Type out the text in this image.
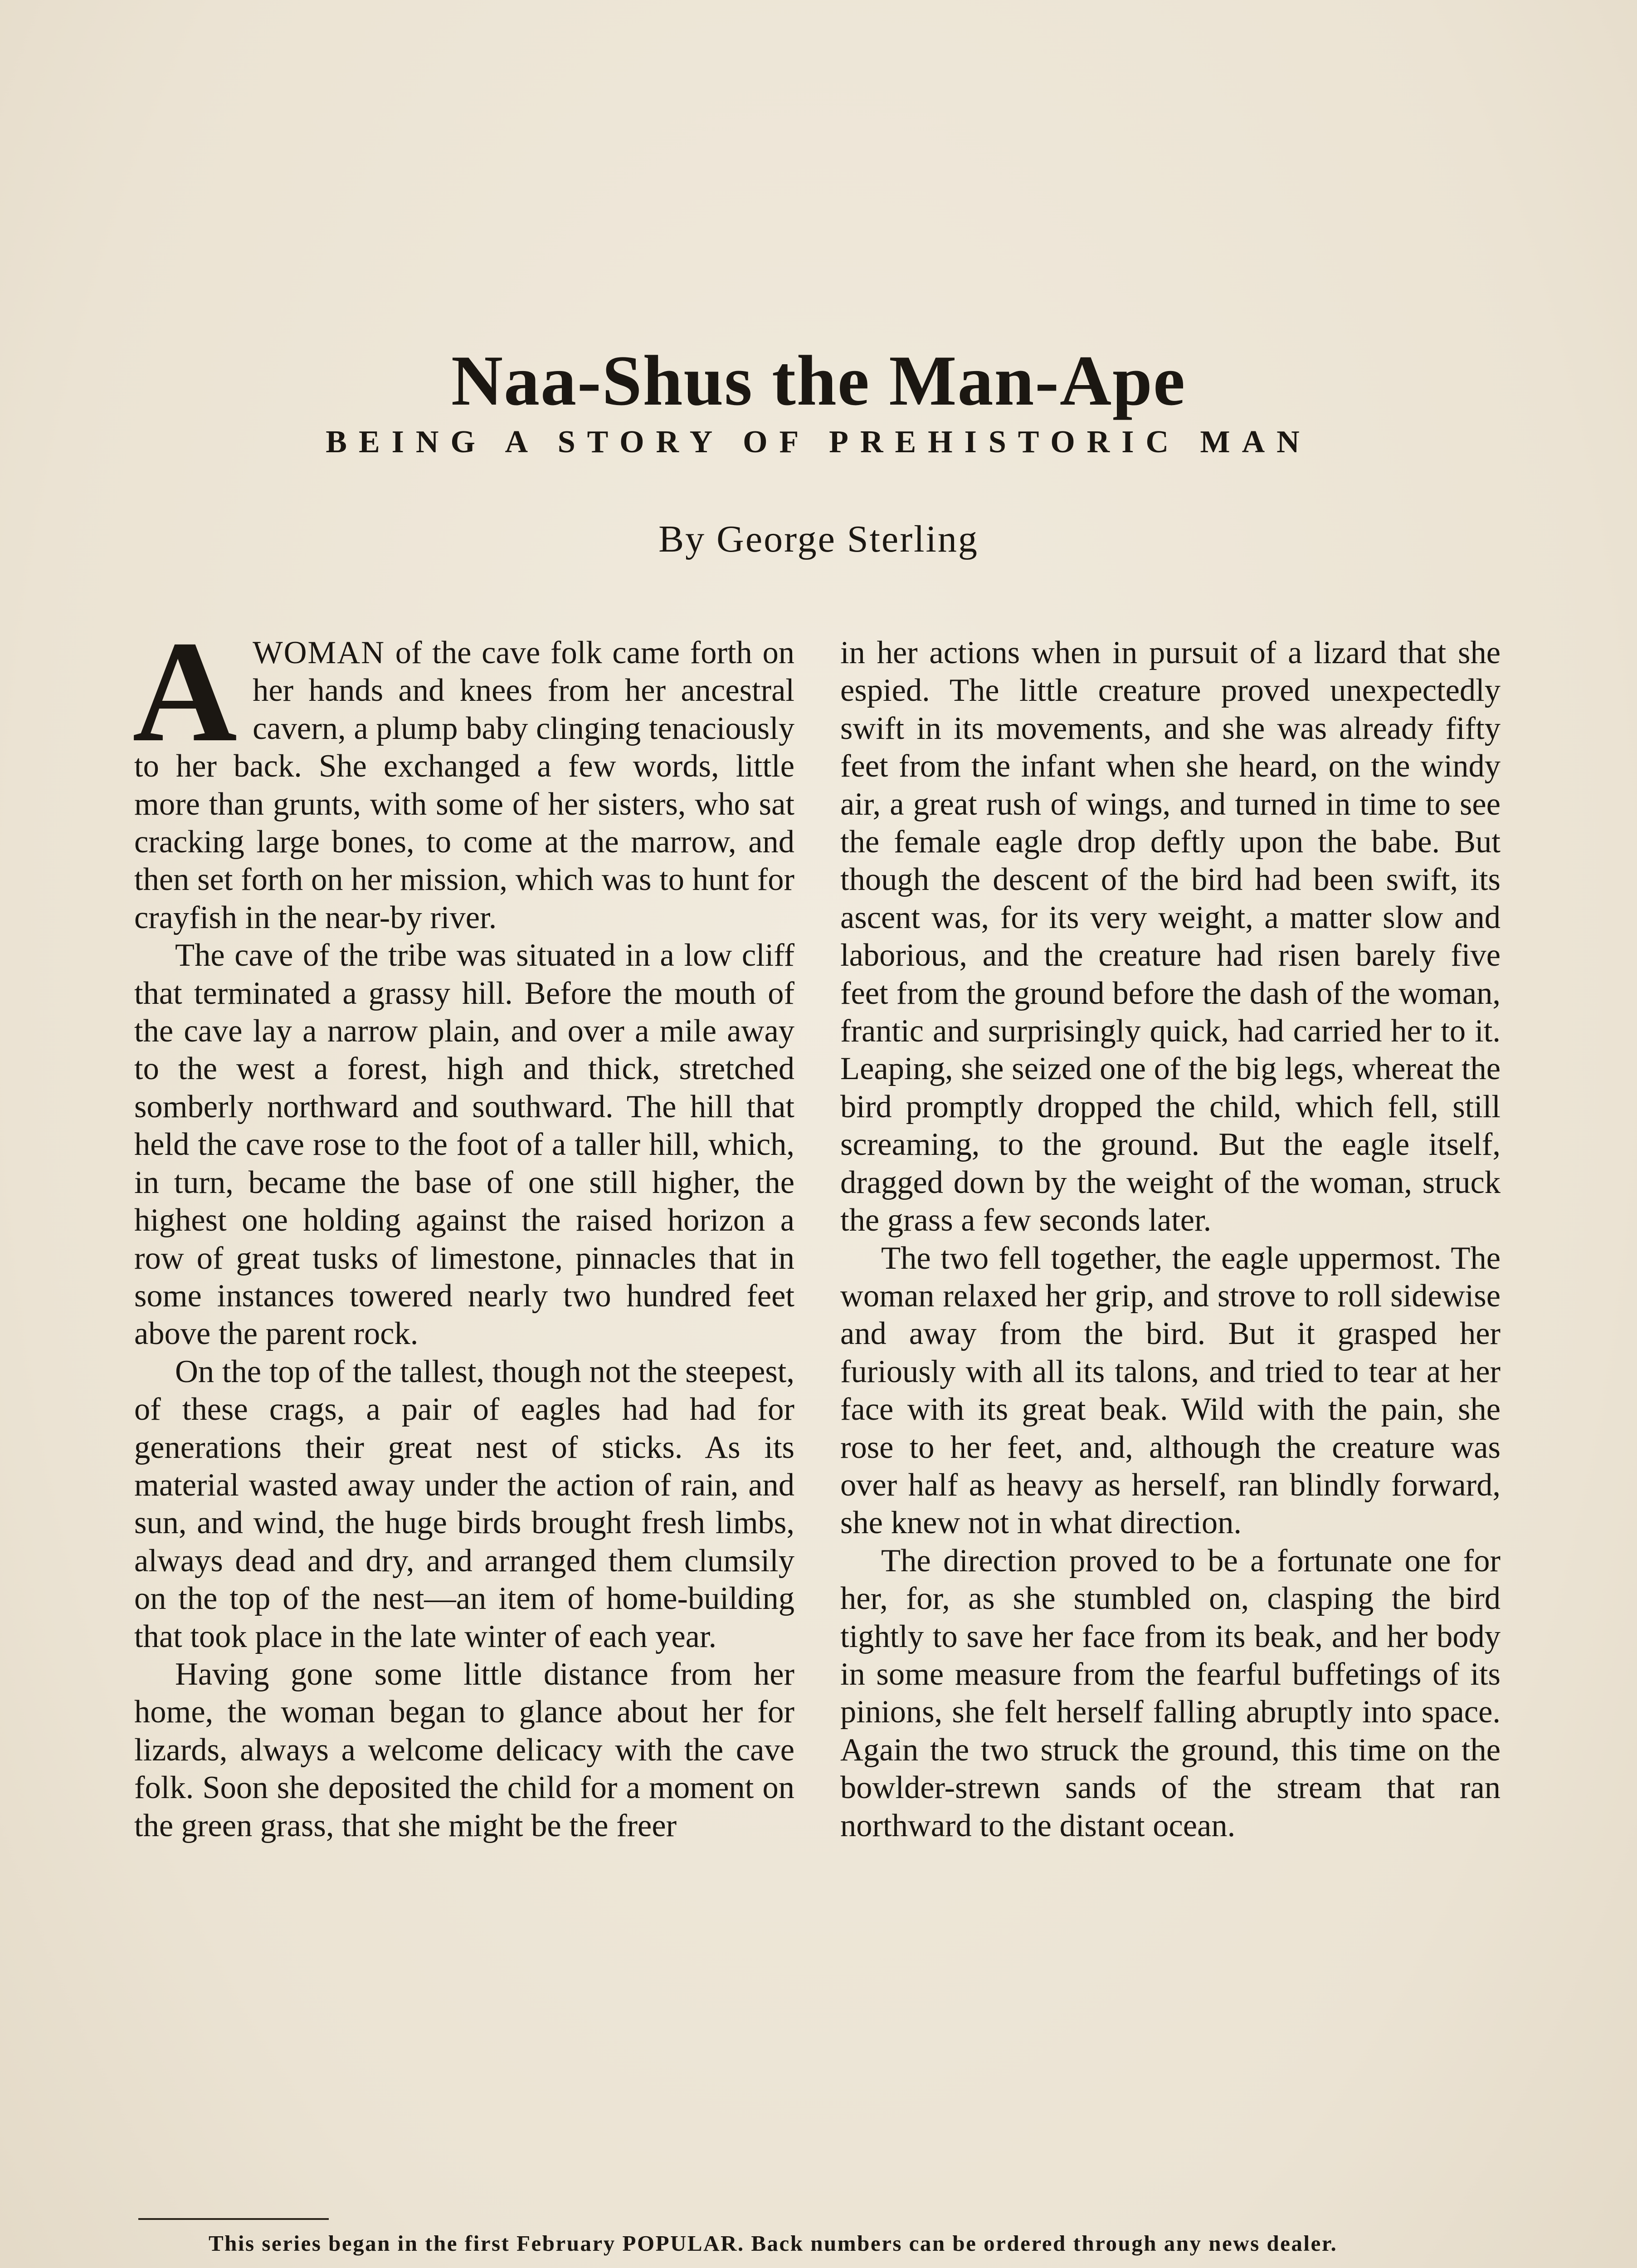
Naa-Shus the Man-Ape
BEING A STORY OF PREHISTORIC MAN
By George Sterling

AWOMAN of the cave folk came forth on her hands and knees from her ancestral cavern, a plump baby clinging tenaciously to her back. She exchanged a few words, little more than grunts, with some of her sisters, who sat cracking large bones, to come at the marrow, and then set forth on her mission, which was to hunt for crayfish in the near-by river.

The cave of the tribe was situated in a low cliff that terminated a grassy hill. Before the mouth of the cave lay a narrow plain, and over a mile away to the west a forest, high and thick, stretched somberly northward and southward. The hill that held the cave rose to the foot of a taller hill, which, in turn, became the base of one still higher, the highest one holding against the raised horizon a row of great tusks of limestone, pinnacles that in some instances towered nearly two hundred feet above the parent rock.

On the top of the tallest, though not the steepest, of these crags, a pair of eagles had had for generations their great nest of sticks. As its material wasted away under the action of rain, and sun, and wind, the huge birds brought fresh limbs, always dead and dry, and arranged them clumsily on the top of the nest—an item of home-building that took place in the late winter of each year.

Having gone some little distance from her home, the woman began to glance about her for lizards, always a welcome delicacy with the cave folk. Soon she deposited the child for a moment on the green grass, that she might be the freer

in her actions when in pursuit of a lizard that she espied. The little creature proved unexpectedly swift in its movements, and she was already fifty feet from the infant when she heard, on the windy air, a great rush of wings, and turned in time to see the female eagle drop deftly upon the babe. But though the descent of the bird had been swift, its ascent was, for its very weight, a matter slow and laborious, and the creature had risen barely five feet from the ground before the dash of the woman, frantic and surprisingly quick, had carried her to it. Leaping, she seized one of the big legs, whereat the bird promptly dropped the child, which fell, still screaming, to the ground. But the eagle itself, dragged down by the weight of the woman, struck the grass a few seconds later.

The two fell together, the eagle uppermost. The woman relaxed her grip, and strove to roll sidewise and away from the bird. But it grasped her furiously with all its talons, and tried to tear at her face with its great beak. Wild with the pain, she rose to her feet, and, although the creature was over half as heavy as herself, ran blindly forward, she knew not in what direction.

The direction proved to be a fortunate one for her, for, as she stumbled on, clasping the bird tightly to save her face from its beak, and her body in some measure from the fearful buffetings of its pinions, she felt herself falling abruptly into space. Again the two struck the ground, this time on the bowlder-strewn sands of the stream that ran northward to the distant ocean.

This series began in the first February POPULAR. Back numbers can be ordered through any news dealer.
